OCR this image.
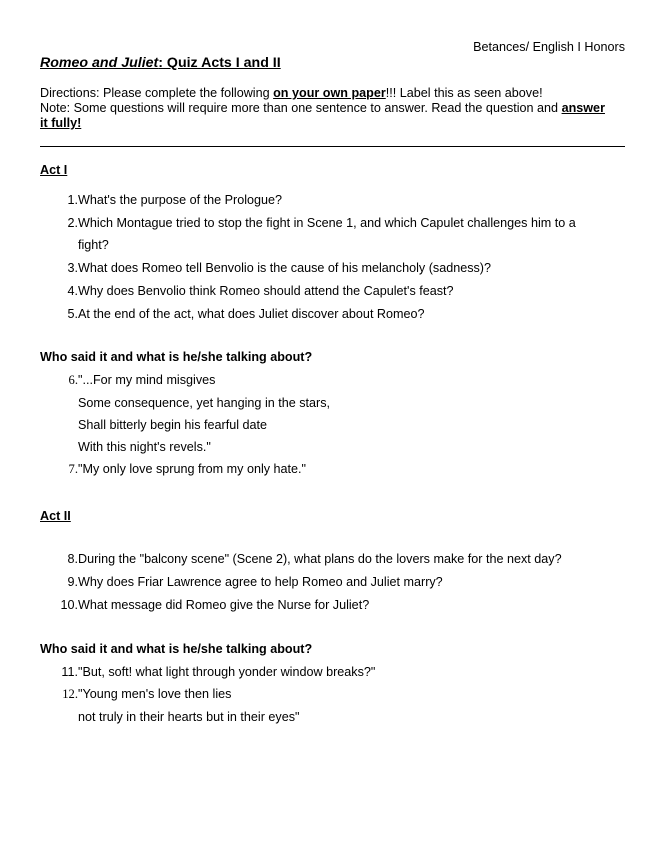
Betances/ English I Honors
Romeo and Juliet: Quiz Acts I and II
Directions: Please complete the following on your own paper!!! Label this as seen above!
Note: Some questions will require more than one sentence to answer. Read the question and answer
it fully!
Act I
1. What's the purpose of the Prologue?
2. Which Montague tried to stop the fight in Scene 1, and which Capulet challenges him to a
fight?
3. What does Romeo tell Benvolio is the cause of his melancholy (sadness)?
4. Why does Benvolio think Romeo should attend the Capulet's feast?
5. At the end of the act, what does Juliet discover about Romeo?
Who said it and what is he/she talking about?
6. "...For my mind misgives
Some consequence, yet hanging in the stars,
Shall bitterly begin his fearful date
With this night's revels."
7. "My only love sprung from my only hate."
Act II
8. During the "balcony scene" (Scene 2), what plans do the lovers make for the next day?
9. Why does Friar Lawrence agree to help Romeo and Juliet marry?
10. What message did Romeo give the Nurse for Juliet?
Who said it and what is he/she talking about?
11. "But, soft! what light through yonder window breaks?"
12. "Young men's love then lies
not truly in their hearts but in their eyes"
